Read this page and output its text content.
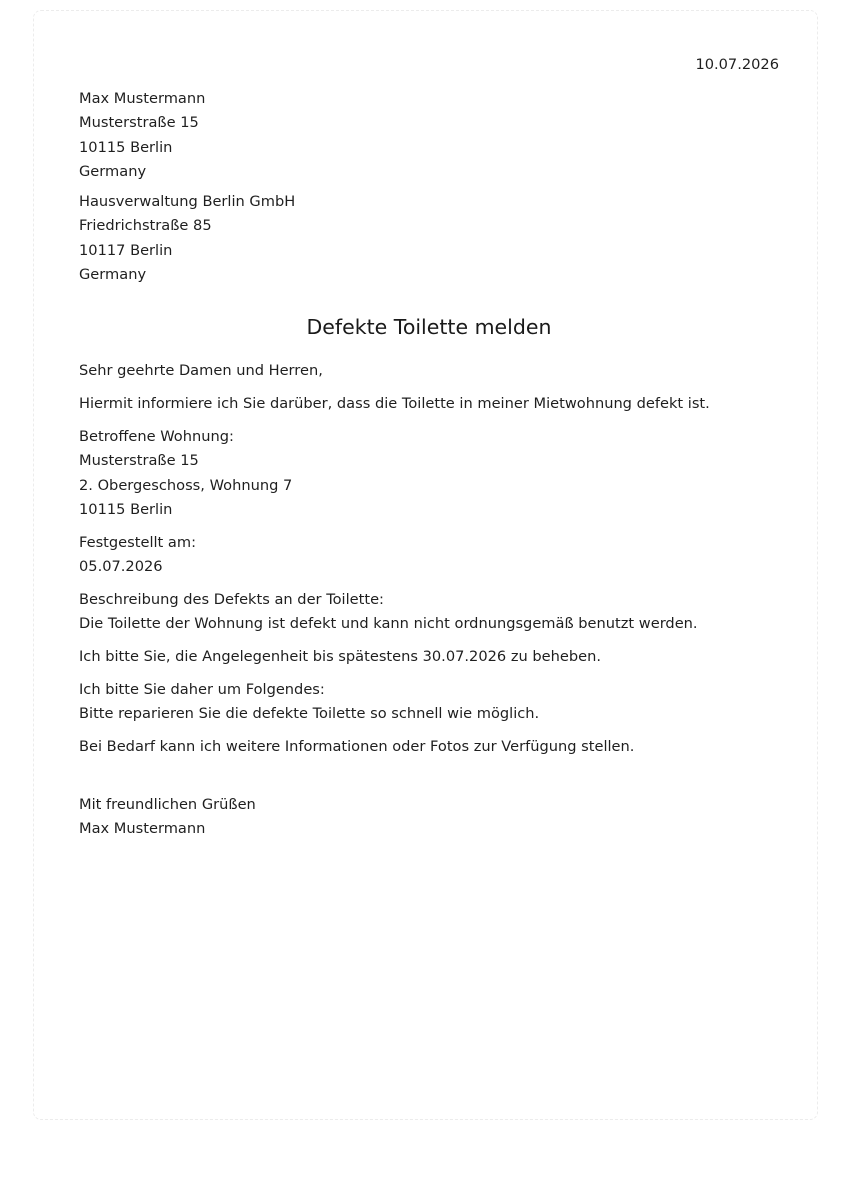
10.07.2026
Max Mustermann
Musterstraße 15
10115 Berlin
Germany
Hausverwaltung Berlin GmbH
Friedrichstraße 85
10117 Berlin
Germany
Defekte Toilette melden
Sehr geehrte Damen und Herren,
Hiermit informiere ich Sie darüber, dass die Toilette in meiner Mietwohnung defekt ist.
Betroffene Wohnung:
Musterstraße 15
2. Obergeschoss, Wohnung 7
10115 Berlin
Festgestellt am:
05.07.2026
Beschreibung des Defekts an der Toilette:
Die Toilette der Wohnung ist defekt und kann nicht ordnungsgemäß benutzt werden.
Ich bitte Sie, die Angelegenheit bis spätestens 30.07.2026 zu beheben.
Ich bitte Sie daher um Folgendes:
Bitte reparieren Sie die defekte Toilette so schnell wie möglich.
Bei Bedarf kann ich weitere Informationen oder Fotos zur Verfügung stellen.
Mit freundlichen Grüßen
Max Mustermann
